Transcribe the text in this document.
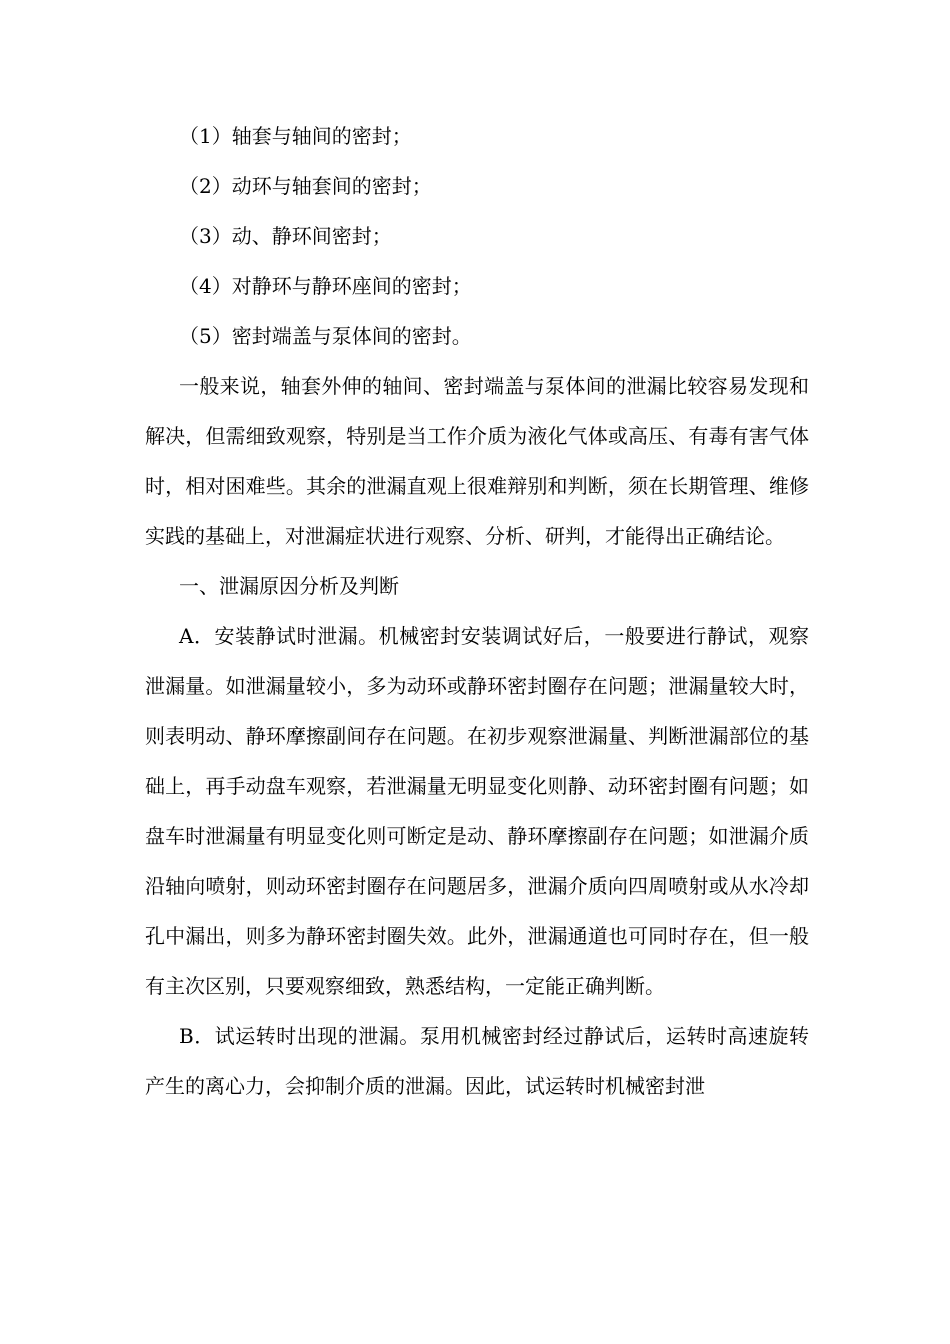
（1）轴套与轴间的密封；

（2）动环与轴套间的密封；

（3）动、静环间密封；

（4）对静环与静环座间的密封；

（5）密封端盖与泵体间的密封。

一般来说，轴套外伸的轴间、密封端盖与泵体间的泄漏比较容易发现和解决，但需细致观察，特别是当工作介质为液化气体或高压、有毒有害气体时，相对困难些。其余的泄漏直观上很难辩别和判断，须在长期管理、维修实践的基础上，对泄漏症状进行观察、分析、研判，才能得出正确结论。

一、泄漏原因分析及判断

A．安装静试时泄漏。机械密封安装调试好后，一般要进行静试，观察泄漏量。如泄漏量较小，多为动环或静环密封圈存在问题；泄漏量较大时，则表明动、静环摩擦副间存在问题。在初步观察泄漏量、判断泄漏部位的基础上，再手动盘车观察，若泄漏量无明显变化则静、动环密封圈有问题；如盘车时泄漏量有明显变化则可断定是动、静环摩擦副存在问题；如泄漏介质沿轴向喷射，则动环密封圈存在问题居多，泄漏介质向四周喷射或从水冷却孔中漏出，则多为静环密封圈失效。此外，泄漏通道也可同时存在，但一般有主次区别，只要观察细致，熟悉结构，一定能正确判断。

B．试运转时出现的泄漏。泵用机械密封经过静试后，运转时高速旋转产生的离心力，会抑制介质的泄漏。因此，试运转时机械密封泄
